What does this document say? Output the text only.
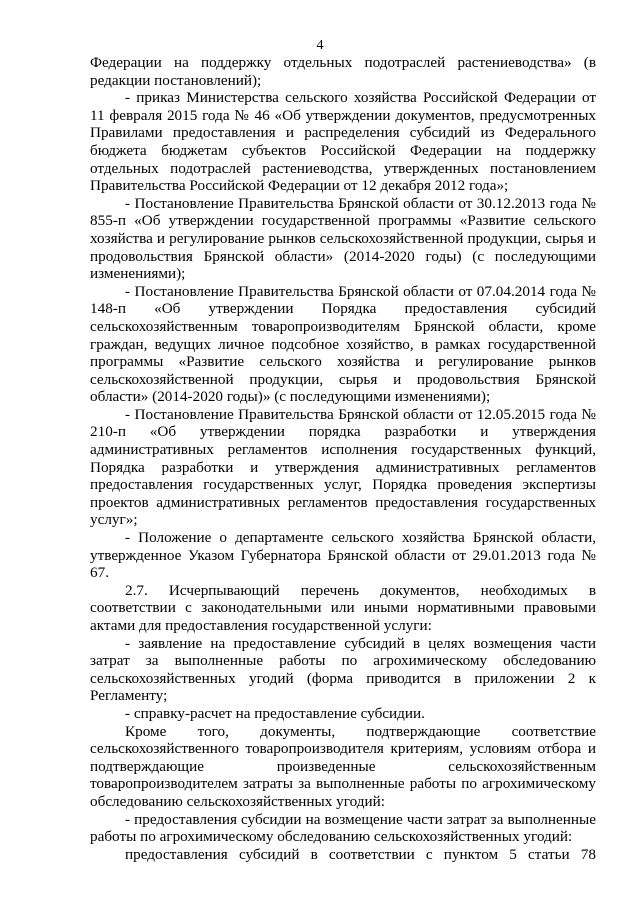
4

Федерации на поддержку отдельных подотраслей растениеводства» (в редакции постановлений);

- приказ Министерства сельского хозяйства Российской Федерации от 11 февраля 2015 года № 46 «Об утверждении документов, предусмотренных Правилами предоставления и распределения субсидий из Федерального бюджета бюджетам субъектов Российской Федерации на поддержку отдельных подотраслей растениеводства, утвержденных постановлением Правительства Российской Федерации от 12 декабря 2012 года»;

- Постановление Правительства Брянской области от 30.12.2013 года № 855-п «Об утверждении государственной программы «Развитие сельского хозяйства и регулирование рынков сельскохозяйственной продукции, сырья и продовольствия Брянской области» (2014-2020 годы) (с последующими изменениями);

- Постановление Правительства Брянской области от 07.04.2014 года № 148-п «Об утверждении Порядка предоставления субсидий сельскохозяйственным товаропроизводителям Брянской области, кроме граждан, ведущих личное подсобное хозяйство, в рамках государственной программы «Развитие сельского хозяйства и регулирование рынков сельскохозяйственной продукции, сырья и продовольствия Брянской области» (2014-2020 годы)» (с последующими изменениями);

- Постановление Правительства Брянской области от 12.05.2015 года № 210-п «Об утверждении порядка разработки и утверждения административных регламентов исполнения государственных функций, Порядка разработки и утверждения административных регламентов предоставления государственных услуг, Порядка проведения экспертизы проектов административных регламентов предоставления государственных услуг»;

- Положение о департаменте сельского хозяйства Брянской области, утвержденное Указом Губернатора Брянской области от 29.01.2013 года № 67.

2.7. Исчерпывающий перечень документов, необходимых в соответствии с законодательными или иными нормативными правовыми актами для предоставления государственной услуги:

- заявление на предоставление субсидий в целях возмещения части затрат за выполненные работы по агрохимическому обследованию сельскохозяйственных угодий (форма приводится в приложении 2 к Регламенту;

- справку-расчет на предоставление субсидии.

Кроме того, документы, подтверждающие соответствие сельскохозяйственного товаропроизводителя критериям, условиям отбора и подтверждающие произведенные сельскохозяйственным товаропроизводителем затраты за выполненные работы по агрохимическому обследованию сельскохозяйственных угодий:

- предоставления субсидии на возмещение части затрат за выполненные работы по агрохимическому обследованию сельскохозяйственных угодий:

предоставления субсидий в соответствии с пунктом 5 статьи 78
